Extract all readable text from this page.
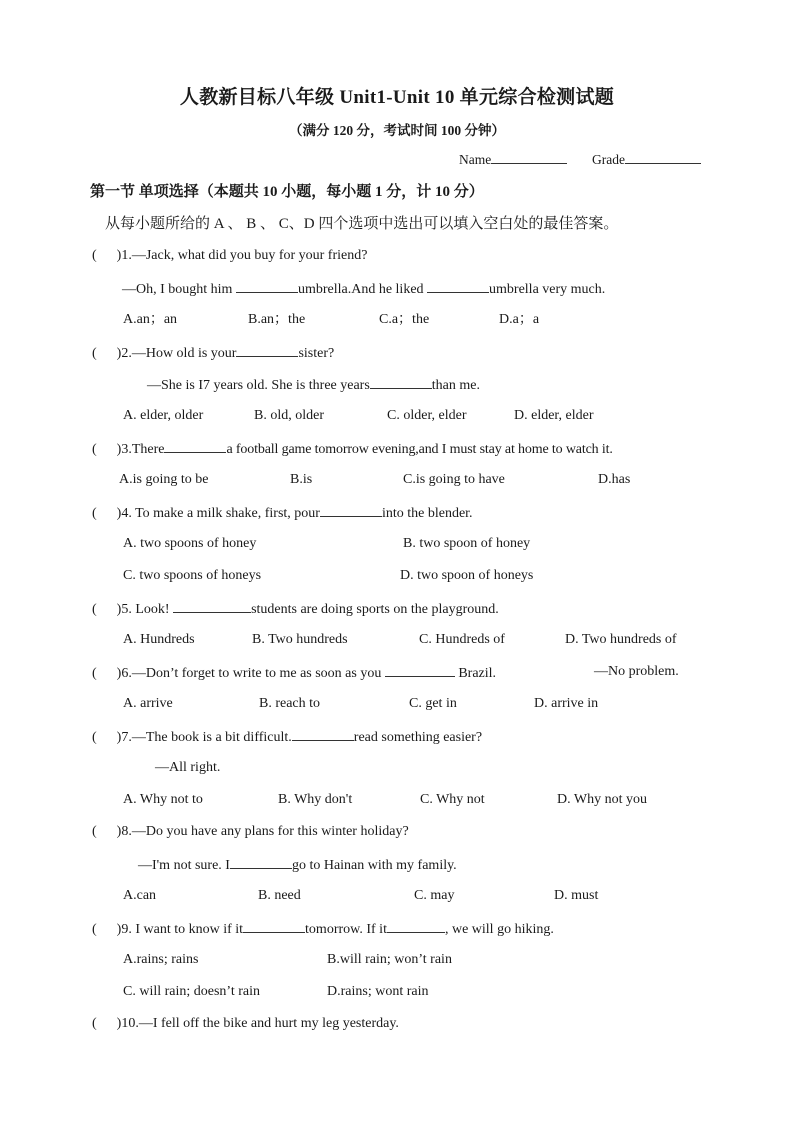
人教新目标八年级 Unit1-Unit 10 单元综合检测试题
（满分 120 分，考试时间 100 分钟）
Name	Grade
第一节 单项选择（本题共 10 小题，每小题 1 分，计 10 分）
从每小题所给的 A 、 B 、 C、D 四个选项中选出可以填入空白处的最佳答案。
( )1.—Jack, what did you buy for your friend?
—Oh, I bought him	umbrella.And he liked	umbrella very much.
A.an；an	B.an；the	C.a；the	D.a；a
( )2.—How old is your	sister?
—She is I7 years old. She is three years	than me.
A. elder, older	B. old, older	C. older, elder	D. elder, elder
( )3.There	a football game tomorrow evening,and I must stay at home to watch it.
A.is going to be	B.is	C.is going to have	D.has
( )4. To make a milk shake, first, pour	into the blender.
A. two spoons of honey	B. two spoon of honey
C. two spoons of honeys	D. two spoon of honeys
( )5. Look!	students are doing sports on the playground.
A. Hundreds	B. Two hundreds	C. Hundreds of	D. Two hundreds of
( )6.—Don’t forget to write to me as soon as you	Brazil.	—No problem.
A. arrive	B. reach to	C. get in	D. arrive in
( )7.—The book is a bit difficult.	read something easier?
—All right.
A. Why not to	B. Why don't	C. Why not	D. Why not you
( )8.—Do you have any plans for this winter holiday?
—I'm not sure. I	go to Hainan with my family.
A.can	B. need	C. may	D. must
( )9. I want to know if it	tomorrow. If it	, we will go hiking.
A.rains; rains	B.will rain; won’t rain
C. will rain; doesn’t rain	D.rains; wont rain
( )10.—I fell off the bike and hurt my leg yesterday.
